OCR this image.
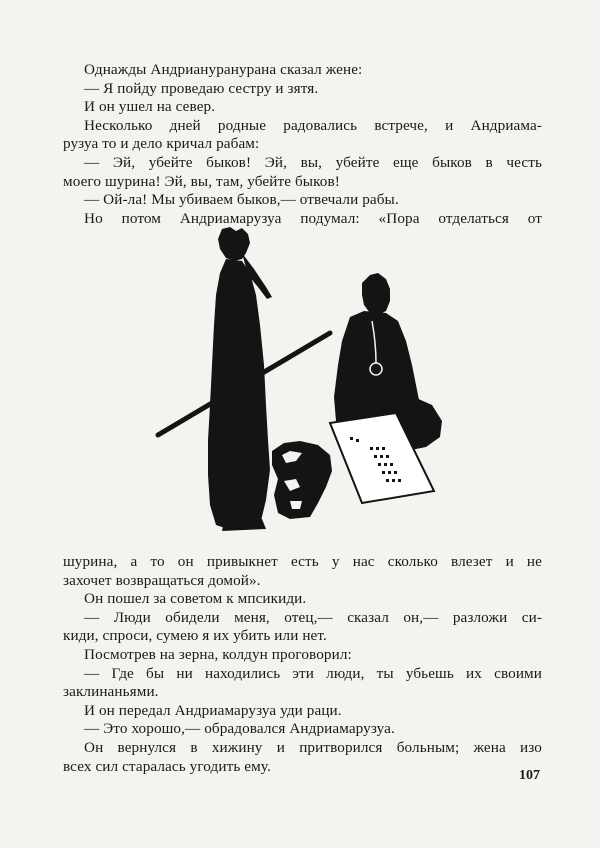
Однажды Андриануранурана сказал жене:
— Я пойду проведаю сестру и зятя.
И он ушел на север.
Несколько дней родные радовались встрече, и Андриама-
рузуа то и дело кричал рабам:
— Эй, убейте быков! Эй, вы, убейте еще быков в честь
моего шурина! Эй, вы, там, убейте быков!
— Ой-ла! Мы убиваем быков,— отвечали рабы.
Но потом Андриамарузуа подумал: «Пора отделаться от
шурина, а то он привыкнет есть у нас сколько влезет и не
захочет возвращаться домой».
Он пошел за советом к мпсикиди.
— Люди обидели меня, отец,— сказал он,— разложи си-
киди, спроси, сумею я их убить или нет.
Посмотрев на зерна, колдун проговорил:
— Где бы ни находились эти люди, ты убьешь их своими
заклинаньями.
И он передал Андриамарузуа уди раци.
— Это хорошо,— обрадовался Андриамарузуа.
Он вернулся в хижину и притворился больным; жена изо
всех сил старалась угодить ему.
107
